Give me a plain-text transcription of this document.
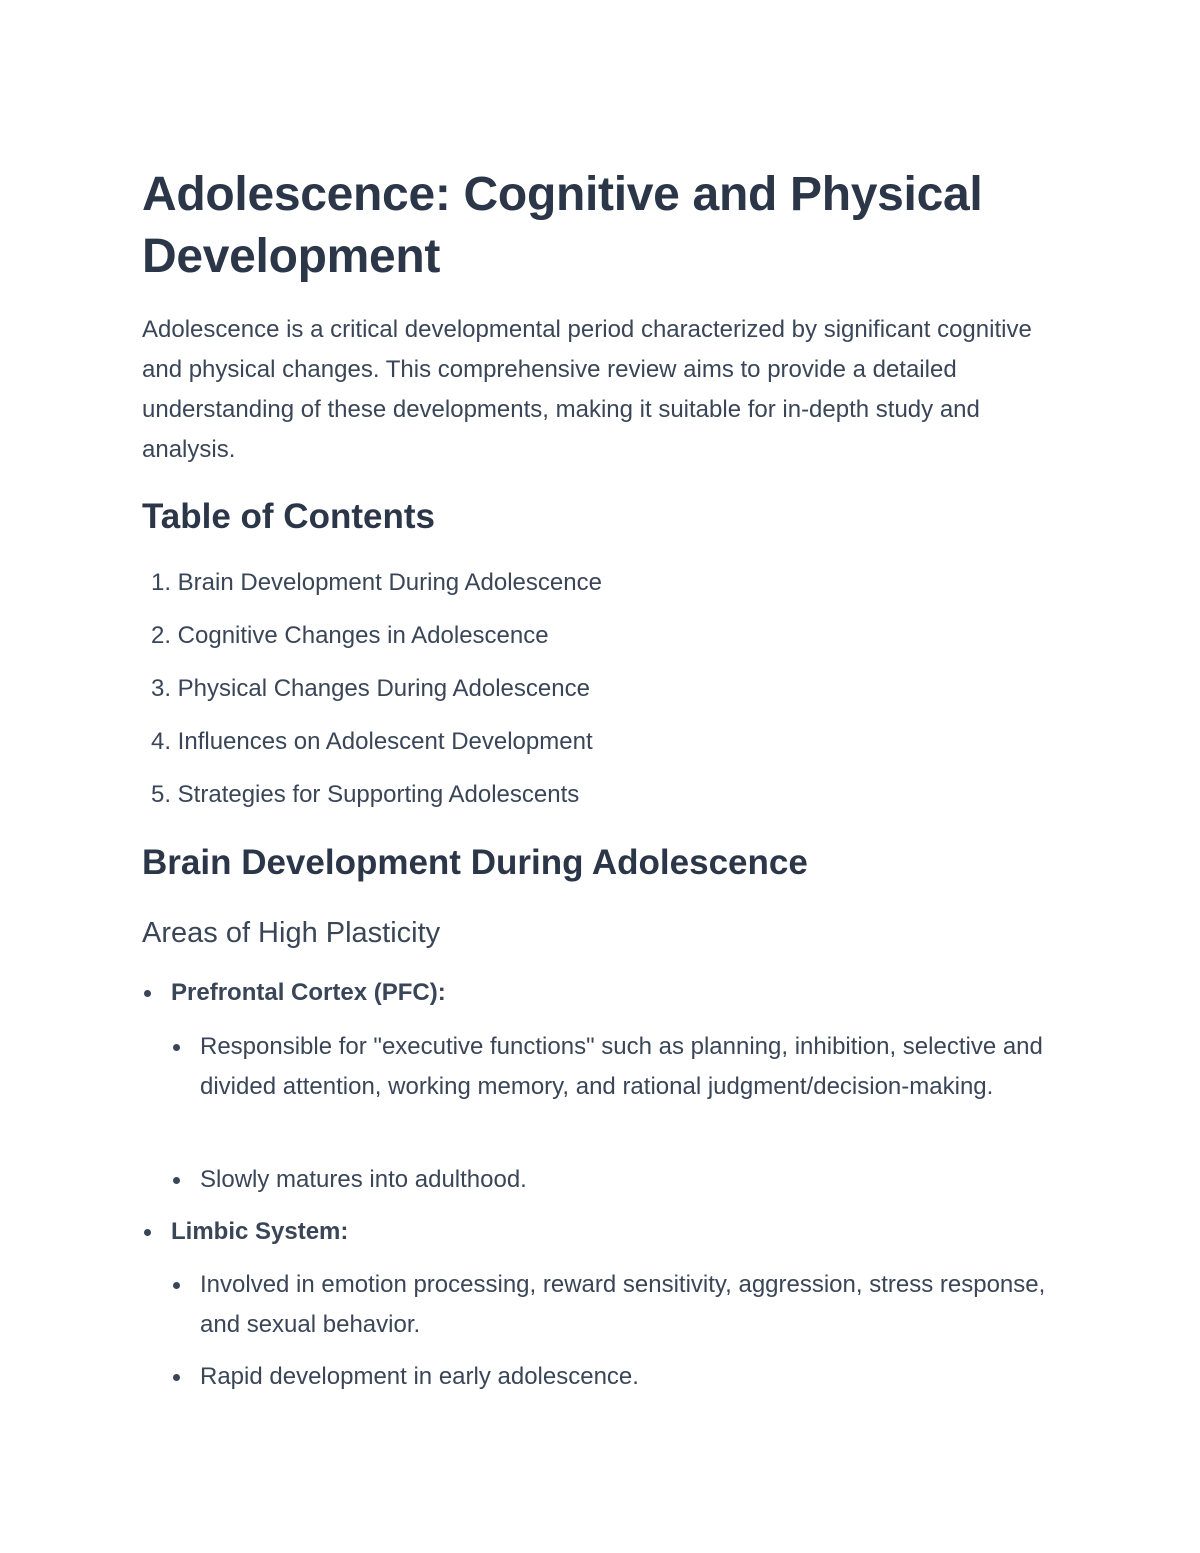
Adolescence: Cognitive and Physical Development

Adolescence is a critical developmental period characterized by significant cognitive and physical changes. This comprehensive review aims to provide a detailed understanding of these developments, making it suitable for in-depth study and analysis.

Table of Contents
1. Brain Development During Adolescence
2. Cognitive Changes in Adolescence
3. Physical Changes During Adolescence
4. Influences on Adolescent Development
5. Strategies for Supporting Adolescents
Brain Development During Adolescence
Areas of High Plasticity
Prefrontal Cortex (PFC):
Responsible for "executive functions" such as planning, inhibition, selective and divided attention, working memory, and rational judgment/decision-making.
Slowly matures into adulthood.
Limbic System:
Involved in emotion processing, reward sensitivity, aggression, stress response, and sexual behavior.
Rapid development in early adolescence.
